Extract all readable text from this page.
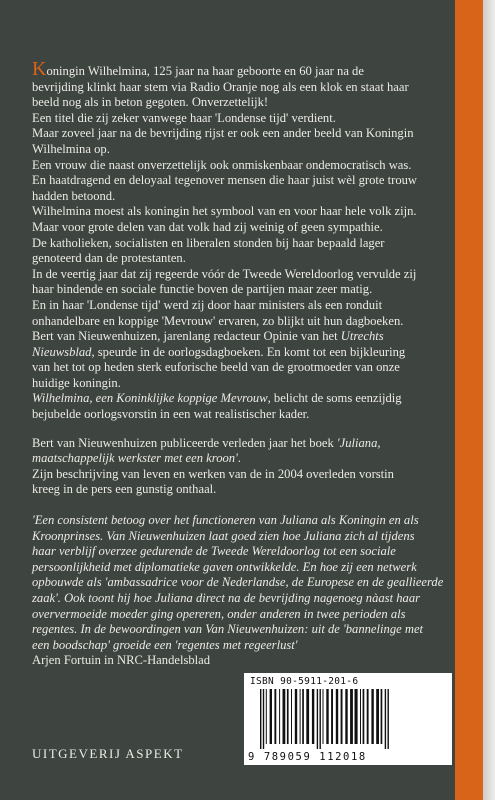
Koningin Wilhelmina, 125 jaar na haar geboorte en 60 jaar na de

bevrijding klinkt haar stem via Radio Oranje nog als een klok en staat haar

beeld nog als in beton gegoten. Onverzettelijk!

Een titel die zij zeker vanwege haar 'Londense tijd' verdient.

Maar zoveel jaar na de bevrijding rijst er ook een ander beeld van Koningin

Wilhelmina op.

Een vrouw die naast onverzettelijk ook onmiskenbaar ondemocratisch was.

En haatdragend en deloyaal tegenover mensen die haar juist wèl grote trouw

hadden betoond.

Wilhelmina moest als koningin het symbool van en voor haar hele volk zijn.

Maar voor grote delen van dat volk had zij weinig of geen sympathie.

De katholieken, socialisten en liberalen stonden bij haar bepaald lager

genoteerd dan de protestanten.

In de veertig jaar dat zij regeerde vóór de Tweede Wereldoorlog vervulde zij

haar bindende en sociale functie boven de partijen maar zeer matig.

En in haar 'Londense tijd' werd zij door haar ministers als een ronduit

onhandelbare en koppige 'Mevrouw' ervaren, zo blijkt uit hun dagboeken.

Bert van Nieuwenhuizen, jarenlang redacteur Opinie van het Utrechts

Nieuwsblad, speurde in de oorlogsdagboeken. En komt tot een bijkleuring

van het tot op heden sterk euforische beeld van de grootmoeder van onze

huidige koningin.

Wilhelmina, een Koninklijke koppige Mevrouw, belicht de soms eenzijdig

bejubelde oorlogsvorstin in een wat realistischer kader.

Bert van Nieuwenhuizen publiceerde verleden jaar het boek 'Juliana,

maatschappelijk werkster met een kroon'.

Zijn beschrijving van leven en werken van de in 2004 overleden vorstin

kreeg in de pers een gunstig onthaal.

'Een consistent betoog over het functioneren van Juliana als Koningin en als

Kroonprinses. Van Nieuwenhuizen laat goed zien hoe Juliana zich al tijdens

haar verblijf overzee gedurende de Tweede Wereldoorlog tot een sociale

persoonlijkheid met diplomatieke gaven ontwikkelde. En hoe zij een netwerk

opbouwde als 'ambassadrice voor de Nederlandse, de Europese en de geallieerde

zaak'. Ook toont hij hoe Juliana direct na de bevrijding nagenoeg nàast haar

oververmoeide moeder ging opereren, onder anderen in twee perioden als

regentes. In de bewoordingen van Van Nieuwenhuizen: uit de 'bannelinge met

een boodschap' groeide een 'regentes met regeerlust'

Arjen Fortuin in NRC-Handelsblad

ISBN 90-5911-201-6
9 789059 112018
UITGEVERIJ ASPEKT
